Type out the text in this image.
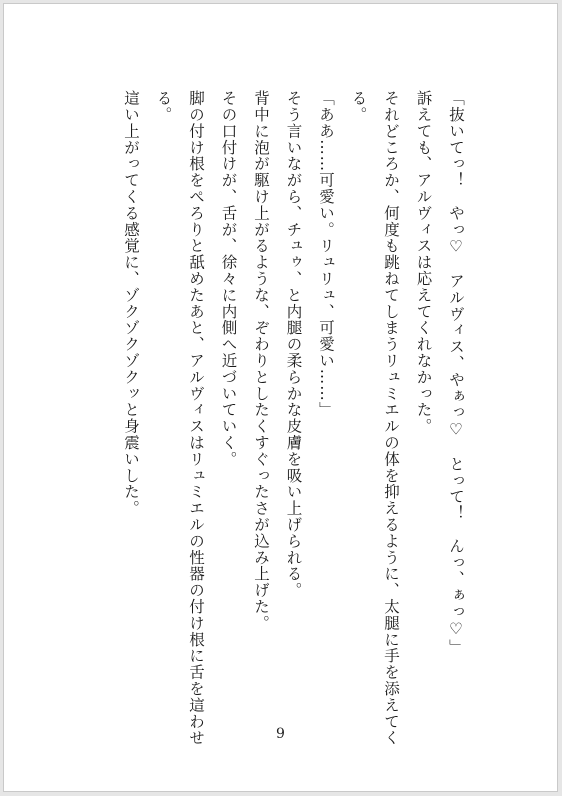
「抜いてっ！　やっ♡　アルヴィス、やぁっ♡　とって！　んっ、ぁっ♡」
訴えても、アルヴィスは応えてくれなかった。
それどころか、何度も跳ねてしまうリュミエルの体を抑えるように、太腿に手を添えてく
る。
「ああ……可愛い。リュリュ、可愛い……」
そう言いながら、チュゥ、と内腿の柔らかな皮膚を吸い上げられる。
背中に泡が駆け上がるような、ぞわりとしたくすぐったさが込み上げた。
その口付けが、舌が、徐々に内側へ近づいていく。
脚の付け根をぺろりと舐めたあと、アルヴィスはリュミエルの性器の付け根に舌を這わせ
る。
這い上がってくる感覚に、ゾクゾクゾクッと身震いした。
9
